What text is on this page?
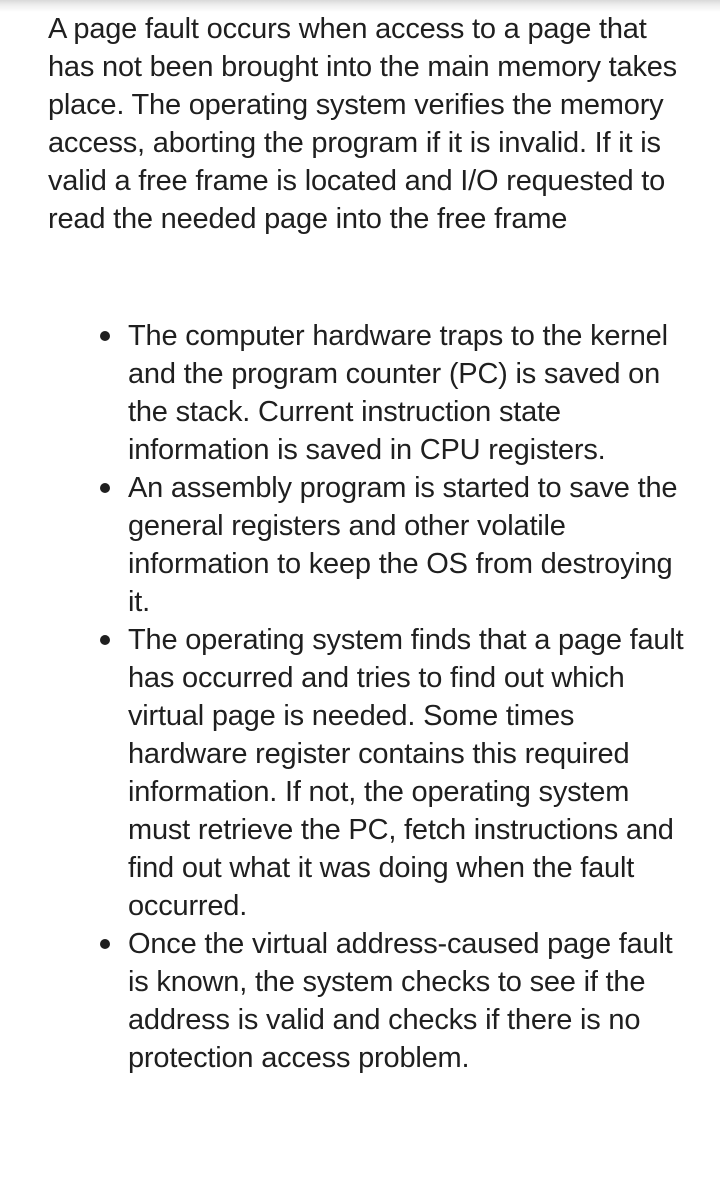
A page fault occurs when access to a page that has not been brought into the main memory takes place. The operating system verifies the memory access, aborting the program if it is invalid. If it is valid a free frame is located and I/O requested to read the needed page into the free frame

The computer hardware traps to the kernel and the program counter (PC) is saved on the stack. Current instruction state information is saved in CPU registers.
An assembly program is started to save the general registers and other volatile information to keep the OS from destroying it.
The operating system finds that a page fault has occurred and tries to find out which virtual page is needed. Some times hardware register contains this required information. If not, the operating system must retrieve the PC, fetch instructions and find out what it was doing when the fault occurred.
Once the virtual address-caused page fault is known, the system checks to see if the address is valid and checks if there is no protection access problem.
